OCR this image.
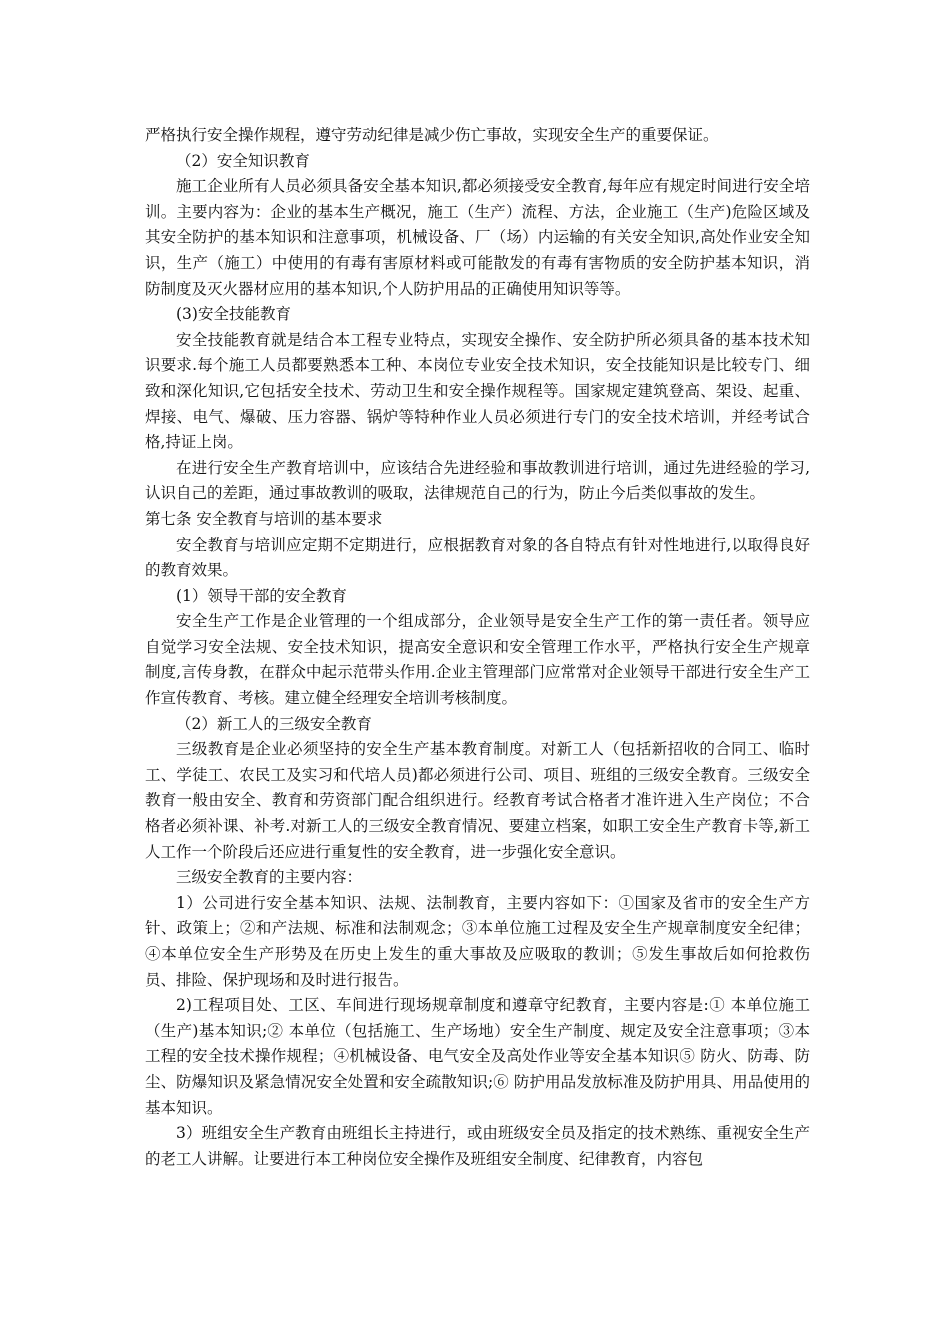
严格执行安全操作规程，遵守劳动纪律是减少伤亡事故，实现安全生产的重要保证。

（2）安全知识教育

施工企业所有人员必须具备安全基本知识,都必须接受安全教育,每年应有规定时间进行安全培训。主要内容为：企业的基本生产概况，施工（生产）流程、方法，企业施工（生产)危险区域及其安全防护的基本知识和注意事项，机械设备、厂（场）内运输的有关安全知识,高处作业安全知识，生产（施工）中使用的有毒有害原材料或可能散发的有毒有害物质的安全防护基本知识，消防制度及灭火器材应用的基本知识,个人防护用品的正确使用知识等等。

(3)安全技能教育

安全技能教育就是结合本工程专业特点，实现安全操作、安全防护所必须具备的基本技术知识要求.每个施工人员都要熟悉本工种、本岗位专业安全技术知识，安全技能知识是比较专门、细致和深化知识,它包括安全技术、劳动卫生和安全操作规程等。国家规定建筑登高、架设、起重、焊接、电气、爆破、压力容器、锅炉等特种作业人员必须进行专门的安全技术培训，并经考试合格,持证上岗。

在进行安全生产教育培训中，应该结合先进经验和事故教训进行培训，通过先进经验的学习,认识自己的差距，通过事故教训的吸取，法律规范自己的行为，防止今后类似事故的发生。

第七条 安全教育与培训的基本要求

安全教育与培训应定期不定期进行，应根据教育对象的各自特点有针对性地进行,以取得良好的教育效果。

(1）领导干部的安全教育

安全生产工作是企业管理的一个组成部分，企业领导是安全生产工作的第一责任者。领导应自觉学习安全法规、安全技术知识，提高安全意识和安全管理工作水平，严格执行安全生产规章制度,言传身教，在群众中起示范带头作用.企业主管理部门应常常对企业领导干部进行安全生产工作宣传教育、考核。建立健全经理安全培训考核制度。

（2）新工人的三级安全教育

三级教育是企业必须坚持的安全生产基本教育制度。对新工人（包括新招收的合同工、临时工、学徒工、农民工及实习和代培人员)都必须进行公司、项目、班组的三级安全教育。三级安全教育一般由安全、教育和劳资部门配合组织进行。经教育考试合格者才准许进入生产岗位；不合格者必须补课、补考.对新工人的三级安全教育情况、要建立档案，如职工安全生产教育卡等,新工人工作一个阶段后还应进行重复性的安全教育，进一步强化安全意识。

三级安全教育的主要内容：

1）公司进行安全基本知识、法规、法制教育，主要内容如下：①国家及省市的安全生产方针、政策上；②和产法规、标准和法制观念；③本单位施工过程及安全生产规章制度安全纪律；④本单位安全生产形势及在历史上发生的重大事故及应吸取的教训；⑤发生事故后如何抢救伤员、排险、保护现场和及时进行报告。

2)工程项目处、工区、车间进行现场规章制度和遵章守纪教育，主要内容是:① 本单位施工（生产)基本知识;② 本单位（包括施工、生产场地）安全生产制度、规定及安全注意事项；③本工程的安全技术操作规程；④机械设备、电气安全及高处作业等安全基本知识⑤ 防火、防毒、防尘、防爆知识及紧急情况安全处置和安全疏散知识;⑥ 防护用品发放标准及防护用具、用品使用的基本知识。

3）班组安全生产教育由班组长主持进行，或由班级安全员及指定的技术熟练、重视安全生产的老工人讲解。让要进行本工种岗位安全操作及班组安全制度、纪律教育，内容包
